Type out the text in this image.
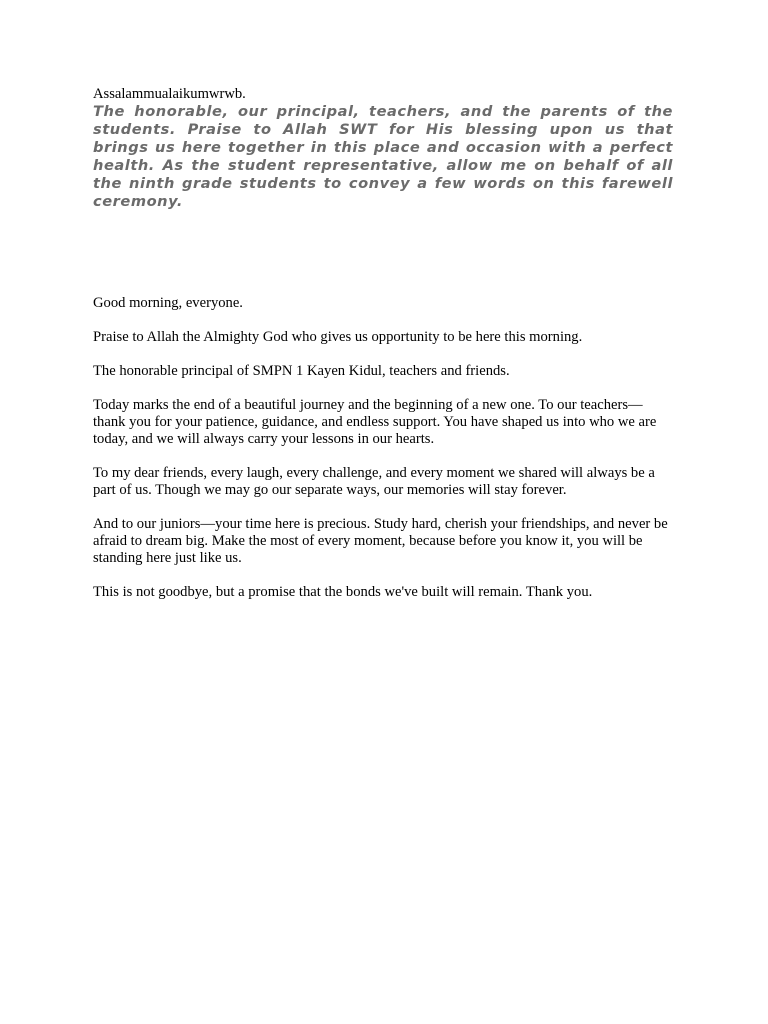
Assalammualaikumwrwb.

The honorable, our principal, teachers, and the parents of the students. Praise to Allah SWT for His blessing upon us that brings us here together in this place and occasion with a perfect health. As the student representative, allow me on behalf of all the ninth grade students to convey a few words on this farewell ceremony.

Good morning, everyone.

Praise to Allah the Almighty God who gives us opportunity to be here this morning.

The honorable principal of SMPN 1 Kayen Kidul, teachers and friends.

Today marks the end of a beautiful journey and the beginning of a new one. To our teachers—thank you for your patience, guidance, and endless support. You have shaped us into who we are today, and we will always carry your lessons in our hearts.

To my dear friends, every laugh, every challenge, and every moment we shared will always be a part of us. Though we may go our separate ways, our memories will stay forever.

And to our juniors—your time here is precious. Study hard, cherish your friendships, and never be afraid to dream big. Make the most of every moment, because before you know it, you will be standing here just like us.

This is not goodbye, but a promise that the bonds we've built will remain. Thank you.
